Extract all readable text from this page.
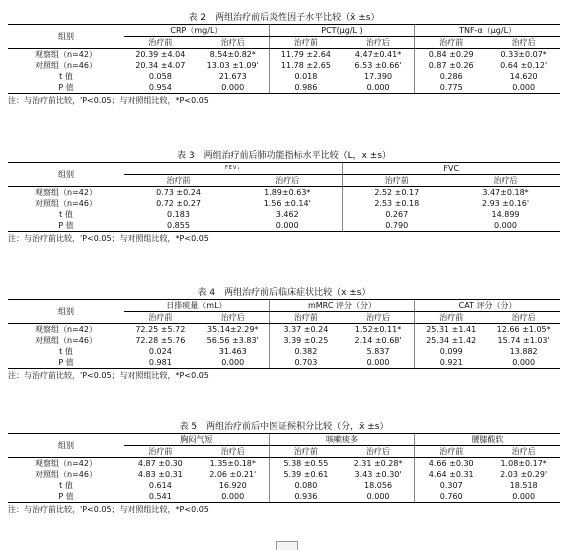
表 2　两组治疗前后炎性因子水平比较（x̄ ±s）
组别	CRP（mg/L）		PCT(μg/L )		TNF-α（μg/L）	
	治疗前	治疗后	治疗前	治疗后	治疗前	治疗后
观察组（n=42）	20.39 ±4.04	8.54±0.82*	11.79 ±2.64	4.47±0.41*	0.84 ±0.29	0.33±0.07*
对照组（n=46）	20.34 ±4.07	13.03 ±1.09'	11.78 ±2.65	6.53 ±0.66'	0.87 ±0.26	0.64 ±0.12'
t 值	0.058	21.673	0.018	17.390	0.286	14.620
P 值	0.954	0.000	0.986	0.000	0.775	0.000
注：与治疗前比较，'P<0.05；与对照组比较，*P<0.05
表 3　两组治疗前后肺功能指标水平比较（L，x ±s）
组别	FEV₁		FVC	
	治疗前	治疗后	治疗前	治疗后
观察组（n=42）	0.73 ±0.24	1.89±0.63*	2.52 ±0.17	3.47±0.18*
对照组（n=46）	0.72 ±0.27	1.56 ±0.14'	2.53 ±0.18	2.93 ±0.16'
t 值	0.183	3.462	0.267	14.899
P 值	0.855	0.000	0.790	0.000
注：与治疗前比较，'P<0.05；与对照组比较，*P<0.05
表 4　两组治疗前后临床症状比较（x ±s）
组别	日排痰量（mL）		mMRC 评分（分）		CAT 评分（分）	
	治疗前	治疗后	治疗前	治疗后	治疗前	治疗后
观察组（n=42）	72.25 ±5.72	35.14±2.29*	3.37 ±0.24	1.52±0.11*	25.31 ±1.41	12.66 ±1.05*
对照组（n=46）	72.28 ±5.76	56.56 ±3.83'	3.39 ±0.25	2.14 ±0.68'	25.34 ±1.42	15.74 ±1.03'
t 值	0.024	31.463	0.382	5.837	0.099	13.882
P 值	0.981	0.000	0.703	0.000	0.921	0.000
注：与治疗前比较，'P<0.05；与对照组比较，*P<0.05
表 5　两组治疗前后中医证候积分比较（分，x̄ ±s）
组别	胸闷气短		咳嗽痰多		腰膝酸软	
	治疗前	治疗后	治疗前	治疗后	治疗前	治疗后
观察组（n=42）	4.87 ±0.30	1.35±0.18*	5.38 ±0.55	2.31 ±0.28*	4.66 ±0.30	1.08±0.17*
对照组（n=46）	4.83 ±0.31	2.06 ±0.21'	5.39 ±0.61	3.43 ±0.30'	4.64 ±0.31	2.03 ±0.29'
t 值	0.614	16.920	0.080	18.056	0.307	18.518
P 值	0.541	0.000	0.936	0.000	0.760	0.000
注：与治疗前比较，'P<0.05；与对照组比较，*P<0.05
